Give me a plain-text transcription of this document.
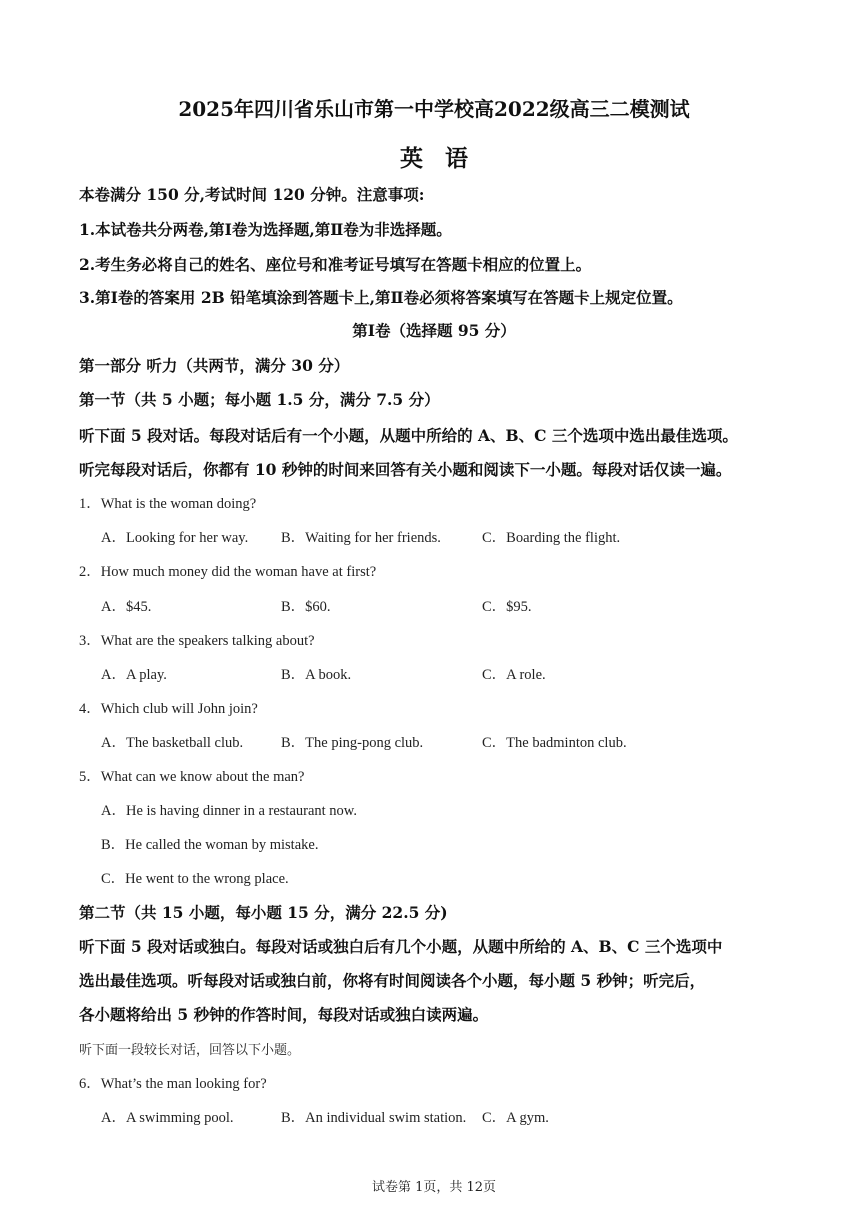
2025年四川省乐山市第一中学校高2022级高三二模测试
英语
本卷满分 150 分,考试时间 120 分钟。注意事项:
1.本试卷共分两卷,第Ⅰ卷为选择题,第Ⅱ卷为非选择题。
2.考生务必将自己的姓名、座位号和准考证号填写在答题卡相应的位置上。
3.第Ⅰ卷的答案用 2B 铅笔填涂到答题卡上,第Ⅱ卷必须将答案填写在答题卡上规定位置。
第Ⅰ卷（选择题 95 分）
第一部分 听力（共两节，满分 30 分）
第一节（共 5 小题；每小题 1.5 分，满分 7.5 分）
听下面 5 段对话。每段对话后有一个小题，从题中所给的 A、B、C 三个选项中选出最佳选项。
听完每段对话后，你都有 10 秒钟的时间来回答有关小题和阅读下一小题。每段对话仅读一遍。
1．What is the woman doing?
A．Looking for her way. B．Waiting for her friends.	C．Boarding the flight.
2．How much money did the woman have at first?
A．$45.	B．$60.	C．$95.
3．What are the speakers talking about?
A．A play.	B．A book.	C．A role.
4．Which club will John join?
A．The basketball club.	B．The ping-pong club.	C．The badminton club.
5．What can we know about the man?
A．He is having dinner in a restaurant now.
B．He called the woman by mistake.
C．He went to the wrong place.
第二节（共 15 小题，每小题 15 分，满分 22.5 分)
听下面 5 段对话或独白。每段对话或独白后有几个小题，从题中所给的 A、B、C 三个选项中
选出最佳选项。听每段对话或独白前，你将有时间阅读各个小题，每小题 5 秒钟；听完后，
各小题将给出 5 秒钟的作答时间，每段对话或独白读两遍。
听下面一段较长对话，回答以下小题。
6．What’s the man looking for?
A．A swimming pool.	B．An individual swim station. C．A gym.
试卷第 1页，共 12页
